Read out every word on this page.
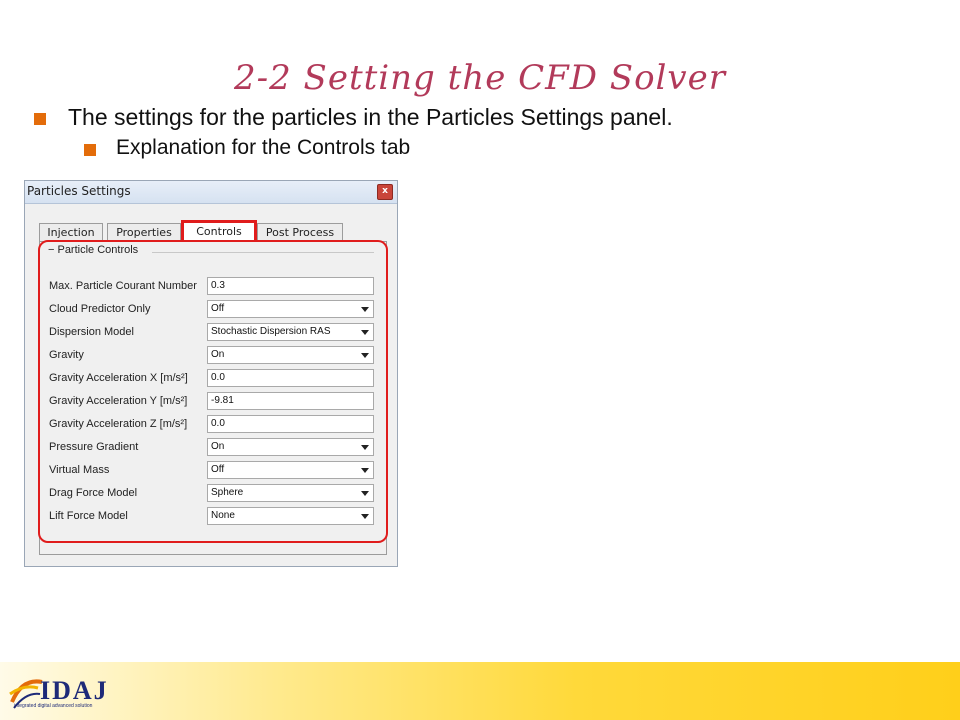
2-2 Setting the CFD Solver
The settings for the particles in the Particles Settings panel.
Explanation for the Controls tab
Particles Settings	x
Injection	Properties	Controls	Post Process
− Particle Controls
Max. Particle Courant Number	0.3
Cloud Predictor Only	Off
Dispersion Model	Stochastic Dispersion RAS
Gravity	On
Gravity Acceleration X [m/s²]	0.0
Gravity Acceleration Y [m/s²]	-9.81
Gravity Acceleration Z [m/s²]	0.0
Pressure Gradient	On
Virtual Mass	Off
Drag Force Model	Sphere
Lift Force Model	None
IDAJ
integrated digital advanced solution
